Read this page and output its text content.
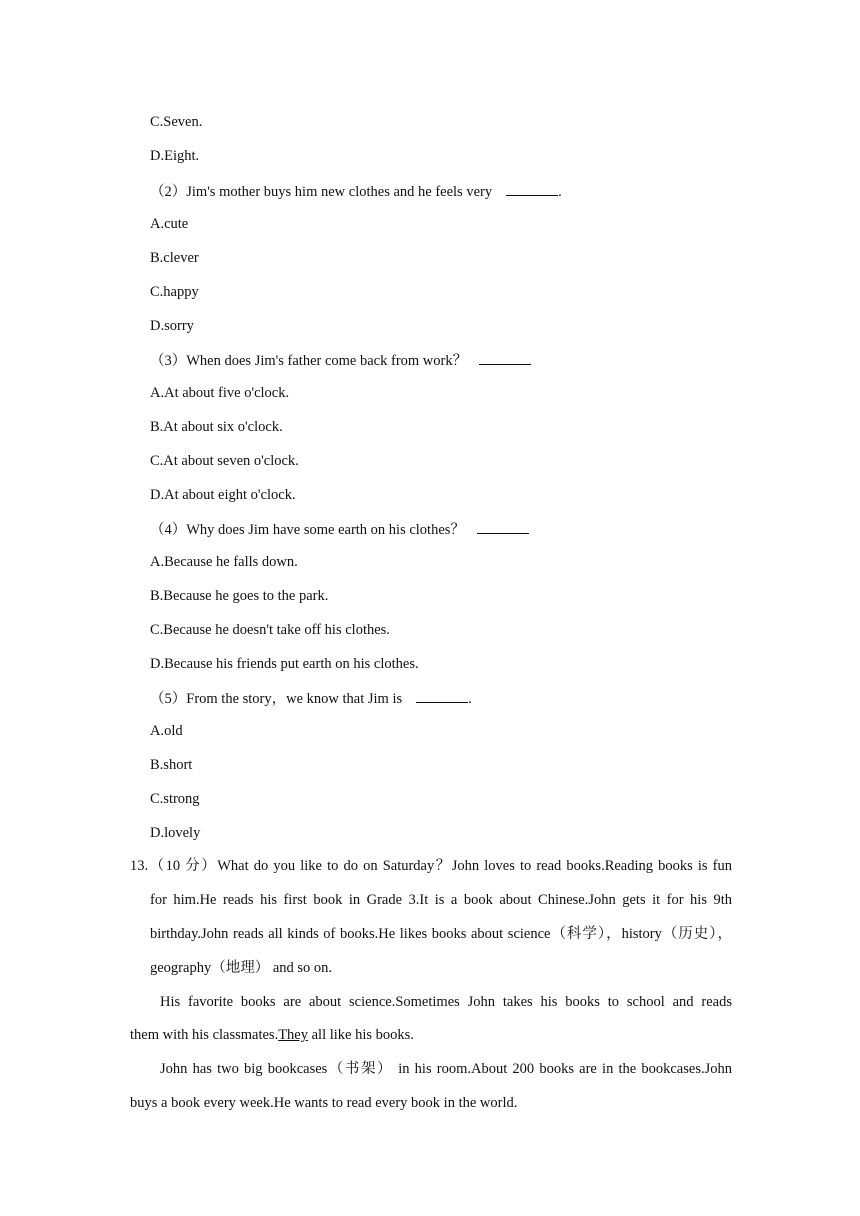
C.Seven.
D.Eight.
（2）Jim's mother buys him new clothes and he feels very	.
A.cute
B.clever
C.happy
D.sorry
（3）When does Jim's father come back from work？
A.At about five o'clock.
B.At about six o'clock.
C.At about seven o'clock.
D.At about eight o'clock.
（4）Why does Jim have some earth on his clothes？
A.Because he falls down.
B.Because he goes to the park.
C.Because he doesn't take off his clothes.
D.Because his friends put earth on his clothes.
（5）From the story，we know that Jim is	.
A.old
B.short
C.strong
D.lovely
13.（10 分）What do you like to do on Saturday？John loves to read books.Reading books is fun
for him.He reads his first book in Grade 3.It is a book about Chinese.John gets it for his 9th
birthday.John reads all kinds of books.He likes books about science（科学），history（历史），
geography（地理） and so on.
His favorite books are about science.Sometimes John takes his books to school and reads
them with his classmates.They all like his books.
John has two big bookcases（书架） in his room.About 200 books are in the bookcases.John
buys a book every week.He wants to read every book in the world.
